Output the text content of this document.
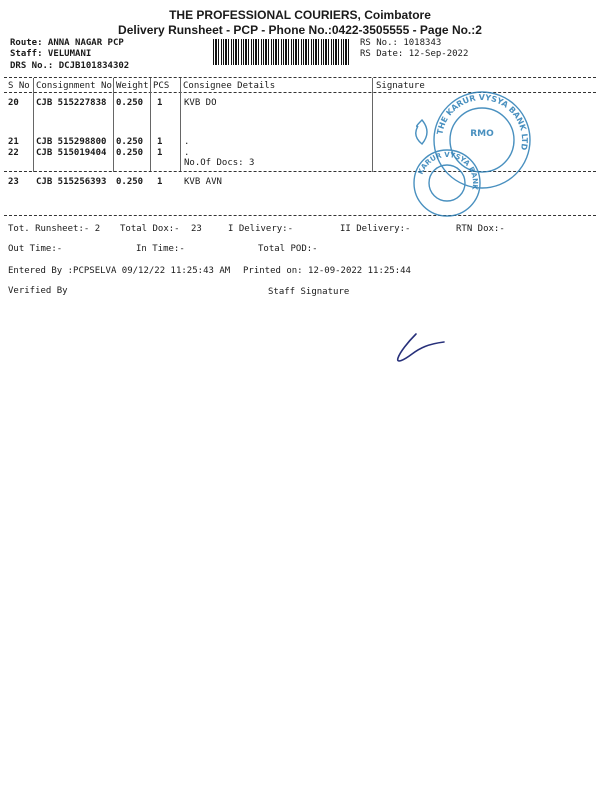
THE PROFESSIONAL COURIERS, Coimbatore
Delivery Runsheet - PCP - Phone No.:0422-3505555 - Page No.:2
Route: ANNA NAGAR PCP
Staff: VELUMANI
DRS No.: DCJB101834302
RS No.: 1018343
RS Date: 12-Sep-2022
S No Consignment No Weight PCS Consignee Details	Signature
20 CJB 515227838 0.250 1 KVB DO
21 CJB 515298800 0.250 1 .
22 CJB 515019404 0.250 1 .
No.Of Docs: 3
23 CJB 515256393 0.250 1 KVB AVN
THE KARUR VYSYA BANK LTD
RMO
KARUR VYSYA BANK
Tot. Runsheet:- 2 Total Dox:- 23	I Delivery:-	II Delivery:-	RTN Dox:-
Out Time:-	In Time:-	Total POD:-
Entered By :PCPSELVA 09/12/22 11:25:43 AM Printed on: 12-09-2022 11:25:44
Verified By	Staff Signature
